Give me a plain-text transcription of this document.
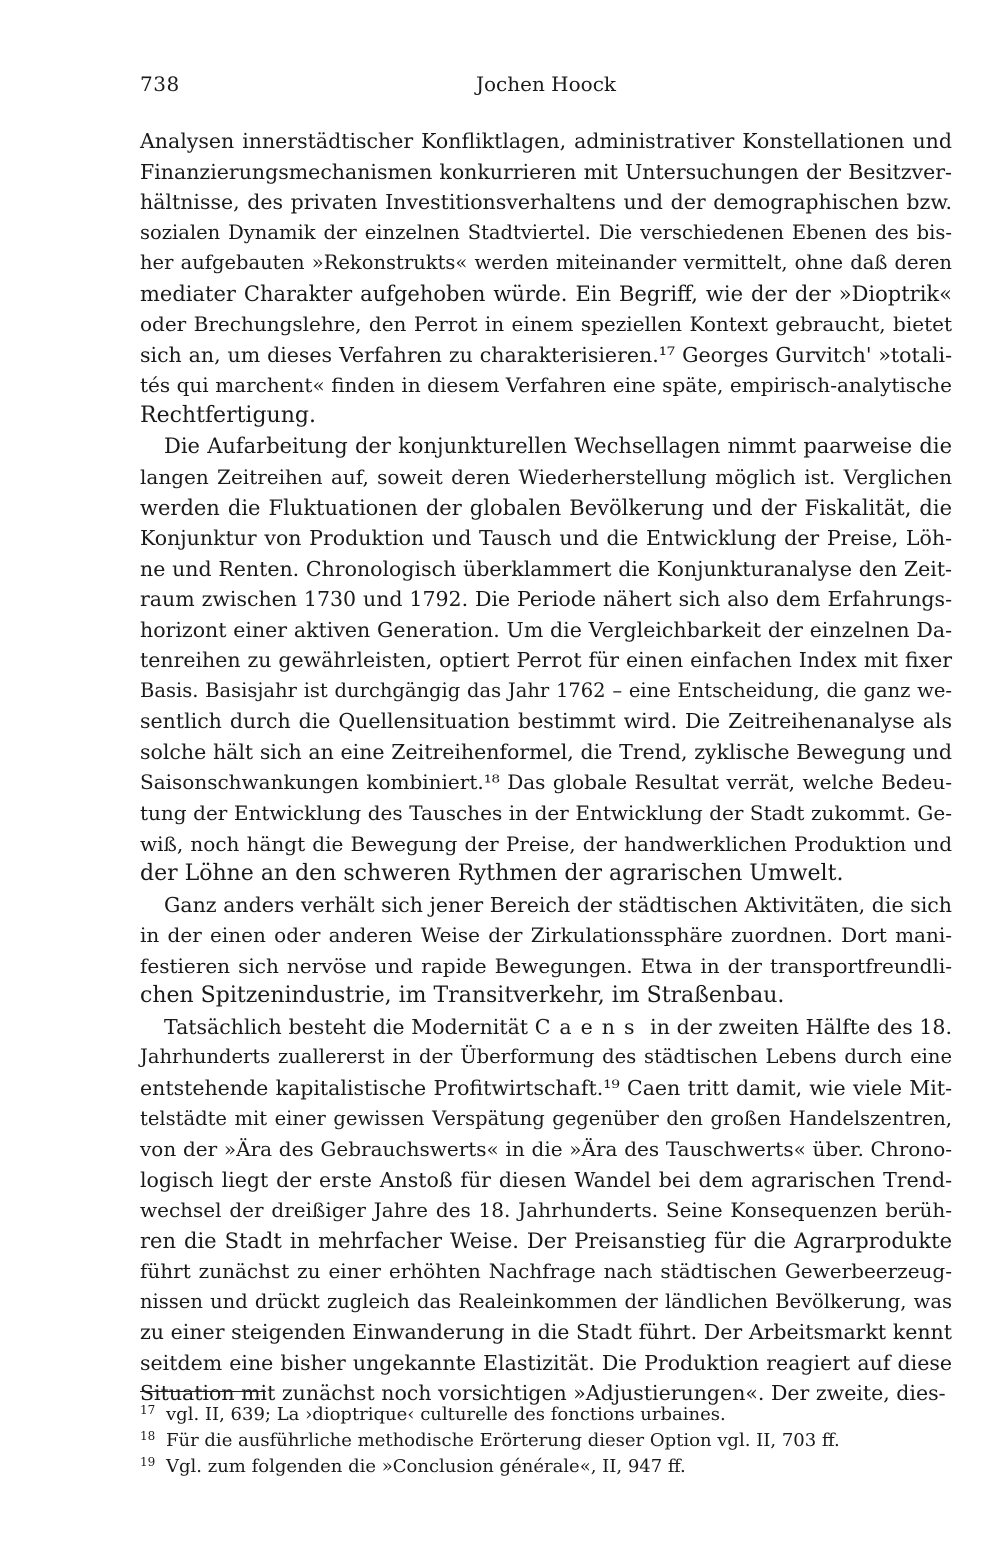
738	Jochen Hoock

Analysen innerstädtischer Konfliktlagen, administrativer Konstellationen und
Finanzierungsmechanismen konkurrieren mit Untersuchungen der Besitzver-
hältnisse, des privaten Investitionsverhaltens und der demographischen bzw.
sozialen Dynamik der einzelnen Stadtviertel. Die verschiedenen Ebenen des bis-
her aufgebauten »Rekonstrukts« werden miteinander vermittelt, ohne daß deren
mediater Charakter aufgehoben würde. Ein Begriff, wie der der »Dioptrik«
oder Brechungslehre, den Perrot in einem speziellen Kontext gebraucht, bietet
sich an, um dieses Verfahren zu charakterisieren.¹⁷ Georges Gurvitch' »totali-
tés qui marchent« finden in diesem Verfahren eine späte, empirisch-analytische
Rechtfertigung.

Die Aufarbeitung der konjunkturellen Wechsellagen nimmt paarweise die
langen Zeitreihen auf, soweit deren Wiederherstellung möglich ist. Verglichen
werden die Fluktuationen der globalen Bevölkerung und der Fiskalität, die
Konjunktur von Produktion und Tausch und die Entwicklung der Preise, Löh-
ne und Renten. Chronologisch überklammert die Konjunkturanalyse den Zeit-
raum zwischen 1730 und 1792. Die Periode nähert sich also dem Erfahrungs-
horizont einer aktiven Generation. Um die Vergleichbarkeit der einzelnen Da-
tenreihen zu gewährleisten, optiert Perrot für einen einfachen Index mit fixer
Basis. Basisjahr ist durchgängig das Jahr 1762 – eine Entscheidung, die ganz we-
sentlich durch die Quellensituation bestimmt wird. Die Zeitreihenanalyse als
solche hält sich an eine Zeitreihenformel, die Trend, zyklische Bewegung und
Saisonschwankungen kombiniert.¹⁸ Das globale Resultat verrät, welche Bedeu-
tung der Entwicklung des Tausches in der Entwicklung der Stadt zukommt. Ge-
wiß, noch hängt die Bewegung der Preise, der handwerklichen Produktion und
der Löhne an den schweren Rythmen der agrarischen Umwelt.

Ganz anders verhält sich jener Bereich der städtischen Aktivitäten, die sich
in der einen oder anderen Weise der Zirkulationssphäre zuordnen. Dort mani-
festieren sich nervöse und rapide Bewegungen. Etwa in der transportfreundli-
chen Spitzenindustrie, im Transitverkehr, im Straßenbau.

Tatsächlich besteht die Modernität Caens in der zweiten Hälfte des 18.
Jahrhunderts zuallererst in der Überformung des städtischen Lebens durch eine
entstehende kapitalistische Profitwirtschaft.¹⁹ Caen tritt damit, wie viele Mit-
telstädte mit einer gewissen Verspätung gegenüber den großen Handelszentren,
von der »Ära des Gebrauchswerts« in die »Ära des Tauschwerts« über. Chrono-
logisch liegt der erste Anstoß für diesen Wandel bei dem agrarischen Trend-
wechsel der dreißiger Jahre des 18. Jahrhunderts. Seine Konsequenzen berüh-
ren die Stadt in mehrfacher Weise. Der Preisanstieg für die Agrarprodukte
führt zunächst zu einer erhöhten Nachfrage nach städtischen Gewerbeerzeug-
nissen und drückt zugleich das Realeinkommen der ländlichen Bevölkerung, was
zu einer steigenden Einwanderung in die Stadt führt. Der Arbeitsmarkt kennt
seitdem eine bisher ungekannte Elastizität. Die Produktion reagiert auf diese
Situation mit zunächst noch vorsichtigen »Adjustierungen«. Der zweite, dies-

17 vgl. II, 639; La ›dioptrique‹ culturelle des fonctions urbaines.
18 Für die ausführliche methodische Erörterung dieser Option vgl. II, 703 ff.
19 Vgl. zum folgenden die »Conclusion générale«, II, 947 ff.
